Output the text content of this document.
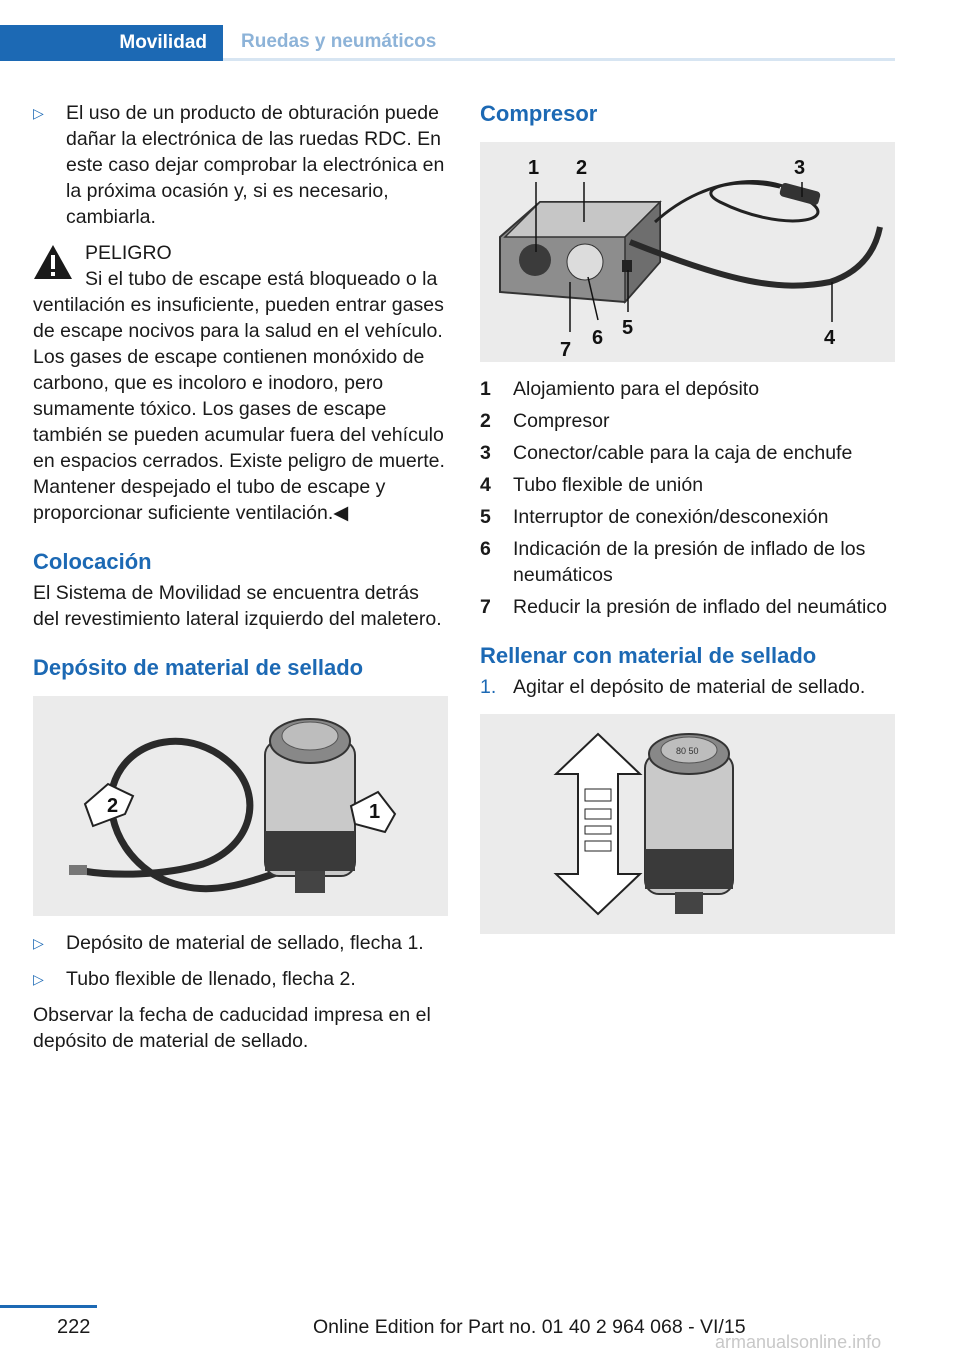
Movilidad	Ruedas y neumáticos
▷	El uso de un producto de obturación puede dañar la electrónica de las ruedas RDC. En este caso dejar comprobar la electrónica en la próxima ocasión y, si es necesario, cambiarla.
PELIGRO
Si el tubo de escape está bloqueado o la
ventilación es insuficiente, pueden entrar gases de escape nocivos para la salud en el vehículo. Los gases de escape contienen monóxido de carbono, que es incoloro e inodoro, pero sumamente tóxico. Los gases de escape también se pueden acumular fuera del vehículo en espacios cerrados. Existe peligro de muerte. Mantener despejado el tubo de escape y proporcionar suficiente ventilación.◀
Colocación
El Sistema de Movilidad se encuentra detrás del revestimiento lateral izquierdo del maletero.
Depósito de material de sellado
2	1
▷	Depósito de material de sellado, flecha 1.
▷	Tubo flexible de llenado, flecha 2.
Observar la fecha de caducidad impresa en el depósito de material de sellado.
Compresor
1 2	3
4
5
6
7
1	Alojamiento para el depósito
2	Compresor
3	Conector/cable para la caja de enchufe
4	Tubo flexible de unión
5	Interruptor de conexión/desconexión
6	Indicación de la presión de inflado de los neumáticos
7	Reducir la presión de inflado del neumático
Rellenar con material de sellado
1. Agitar el depósito de material de sellado.
80 50
222	Online Edition for Part no. 01 40 2 964 068 - VI/15
armanualsonline.info
